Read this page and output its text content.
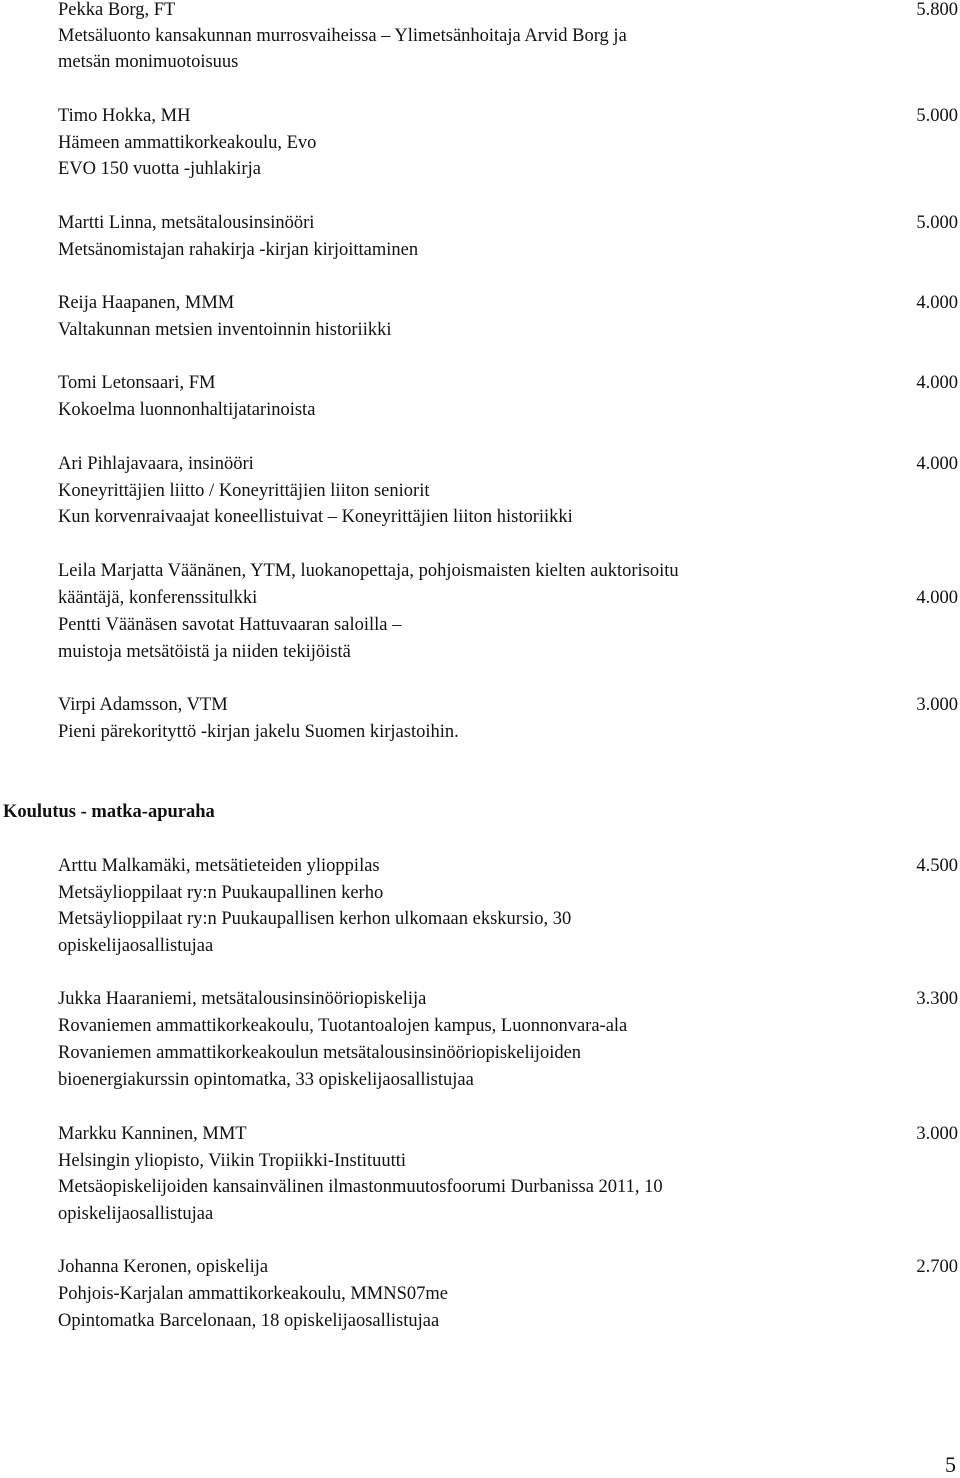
Pekka Borg, FT	5.800
Metsäluonto kansakunnan murrosvaiheissa – Ylimetsänhoitaja Arvid Borg ja
metsän monimuotoisuus
Timo Hokka, MH	5.000
Hämeen ammattikorkeakoulu, Evo
EVO 150 vuotta -juhlakirja
Martti Linna, metsätalousinsinööri	5.000
Metsänomistajan rahakirja -kirjan kirjoittaminen
Reija Haapanen, MMM	4.000
Valtakunnan metsien inventoinnin historiikki
Tomi Letonsaari, FM	4.000
Kokoelma luonnonhaltijatarinoista
Ari Pihlajavaara, insinööri	4.000
Koneyrittäjien liitto / Koneyrittäjien liiton seniorit
Kun korvenraivaajat koneellistuivat – Koneyrittäjien liiton historiikki
Leila Marjatta Väänänen, YTM, luokanopettaja, pohjoismaisten kielten auktorisoitu
kääntäjä, konferenssitulkki	4.000
Pentti Väänäsen savotat Hattuvaaran saloilla –
muistoja metsätöistä ja niiden tekijöistä
Virpi Adamsson, VTM	3.000
Pieni pärekorityttö -kirjan jakelu Suomen kirjastoihin.
Koulutus - matka-apuraha
Arttu Malkamäki, metsätieteiden ylioppilas	4.500
Metsäylioppilaat ry:n Puukaupallinen kerho
Metsäylioppilaat ry:n Puukaupallisen kerhon ulkomaan ekskursio, 30
opiskelijaosallistujaa
Jukka Haaraniemi, metsätalousinsinööriopiskelija	3.300
Rovaniemen ammattikorkeakoulu, Tuotantoalojen kampus, Luonnonvara-ala
Rovaniemen ammattikorkeakoulun metsätalousinsinööriopiskelijoiden
bioenergiakurssin opintomatka, 33 opiskelijaosallistujaa
Markku Kanninen, MMT	3.000
Helsingin yliopisto, Viikin Tropiikki-Instituutti
Metsäopiskelijoiden kansainvälinen ilmastonmuutosfoorumi Durbanissa 2011, 10
opiskelijaosallistujaa
Johanna Keronen, opiskelija	2.700
Pohjois-Karjalan ammattikorkeakoulu, MMNS07me
Opintomatka Barcelonaan, 18 opiskelijaosallistujaa
5
